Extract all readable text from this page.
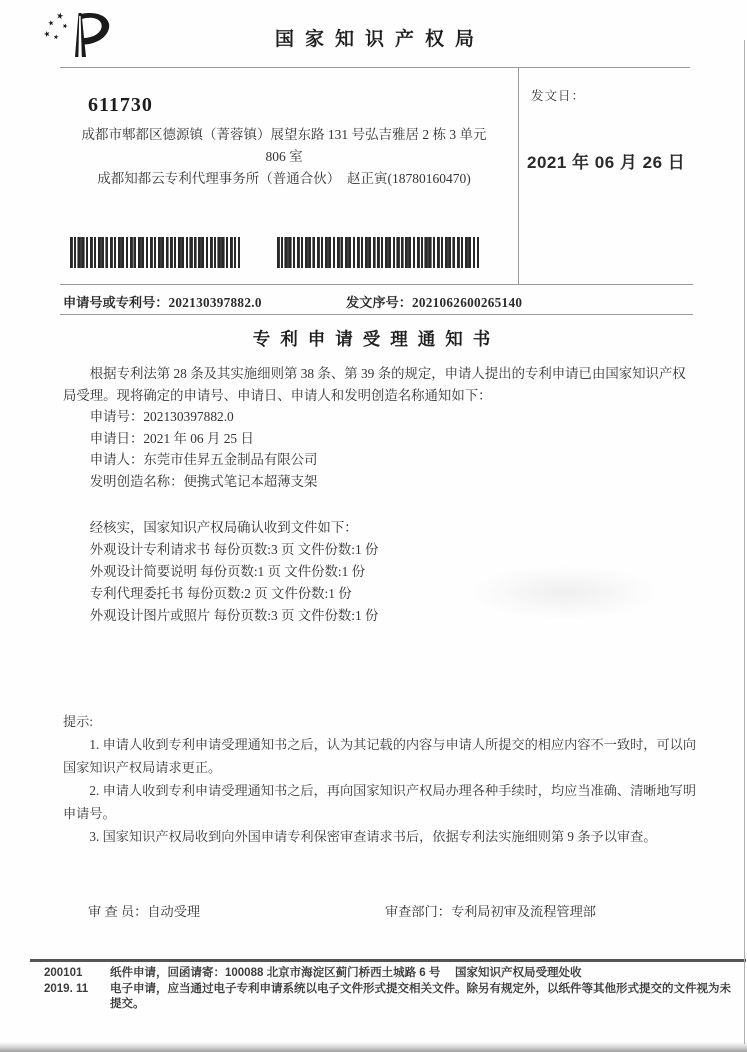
国家知识产权局
发文日：
2021 年 06 月 26 日
611730
成都市郫都区德源镇（菁蓉镇）展望东路 131 号弘吉雅居 2 栋 3 单元
806 室
成都知都云专利代理事务所（普通合伙）　赵正寅(18780160470)
申请号或专利号：202130397882.0	发文序号：2021062600265140
专利申请受理通知书

根据专利法第 28 条及其实施细则第 38 条、第 39 条的规定，申请人提出的专利申请已由国家知识产权局受理。现将确定的申请号、申请日、申请人和发明创造名称通知如下：

申请号：202130397882.0
申请日：2021 年 06 月 25 日
申请人：东莞市佳昇五金制品有限公司
发明创造名称：便携式笔记本超薄支架
经核实，国家知识产权局确认收到文件如下：
外观设计专利请求书 每份页数:3 页 文件份数:1 份
外观设计简要说明 每份页数:1 页 文件份数:1 份
专利代理委托书 每份页数:2 页 文件份数:1 份
外观设计图片或照片 每份页数:3 页 文件份数:1 份

提示:

1. 申请人收到专利申请受理通知书之后，认为其记载的内容与申请人所提交的相应内容不一致时，可以向国家知识产权局请求更正。

2. 申请人收到专利申请受理通知书之后，再向国家知识产权局办理各种手续时，均应当准确、清晰地写明申请号。

3. 国家知识产权局收到向外国申请专利保密审查请求书后，依据专利法实施细则第 9 条予以审查。

审 查 员：自动受理	审查部门：专利局初审及流程管理部
200101
2019. 11
纸件申请，回函请寄：100088 北京市海淀区蓟门桥西土城路 6 号　 国家知识产权局受理处收
电子申请，应当通过电子专利申请系统以电子文件形式提交相关文件。除另有规定外，以纸件等其他形式提交的文件视为未提交。
